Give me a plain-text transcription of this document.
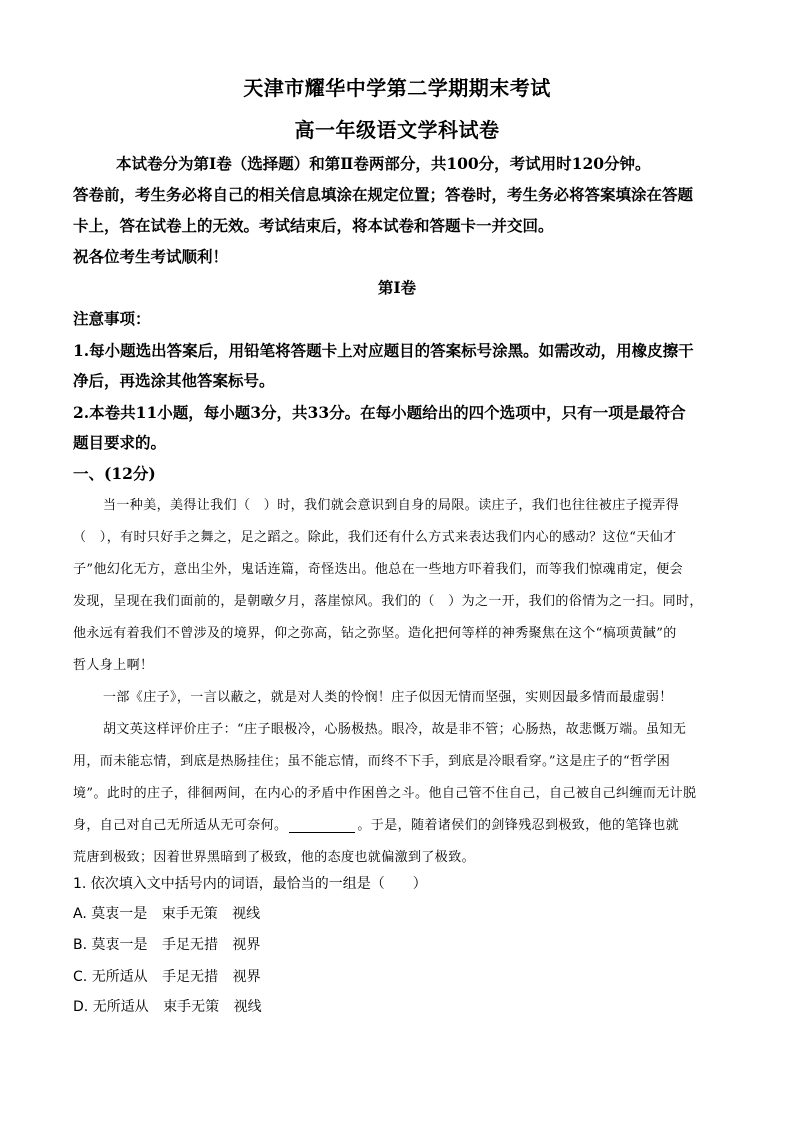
天津市耀华中学第二学期期末考试
高一年级语文学科试卷
本试卷分为第Ⅰ卷（选择题）和第Ⅱ卷两部分，共100分，考试用时120分钟。
答卷前，考生务必将自己的相关信息填涂在规定位置；答卷时，考生务必将答案填涂在答题
卡上，答在试卷上的无效。考试结束后，将本试卷和答题卡一并交回。
祝各位考生考试顺利！
第Ⅰ卷
注意事项：
1.每小题选出答案后，用铅笔将答题卡上对应题目的答案标号涂黑。如需改动，用橡皮擦干
净后，再选涂其他答案标号。
2.本卷共11小题，每小题3分，共33分。在每小题给出的四个选项中，只有一项是最符合
题目要求的。
一、(12分)
当一种美，美得让我们（　）时，我们就会意识到自身的局限。读庄子，我们也往往被庄子搅弄得
（　），有时只好手之舞之，足之蹈之。除此，我们还有什么方式来表达我们内心的感动？这位“天仙才
子”他幻化无方，意出尘外，鬼话连篇，奇怪迭出。他总在一些地方吓着我们，而等我们惊魂甫定，便会
发现，呈现在我们面前的，是朝暾夕月，落崖惊风。我们的（　）为之一开，我们的俗情为之一扫。同时，
他永远有着我们不曾涉及的境界，仰之弥高，钻之弥坚。造化把何等样的神秀聚焦在这个“槁项黄馘”的
哲人身上啊！
一部《庄子》，一言以蔽之，就是对人类的怜悯！庄子似因无情而坚强，实则因最多情而最虚弱！
胡文英这样评价庄子：“庄子眼极冷，心肠极热。眼冷，故是非不管；心肠热，故悲慨万端。虽知无
用，而未能忘情，到底是热肠挂住；虽不能忘情，而终不下手，到底是冷眼看穿。”这是庄子的“哲学困
境”。此时的庄子，徘徊两间，在内心的矛盾中作困兽之斗。他自己管不住自己，自己被自己纠缠而无计脱
身，自己对自己无所适从无可奈何。	。于是，随着诸侯们的剑锋残忍到极致，他的笔锋也就
荒唐到极致；因着世界黑暗到了极致，他的态度也就偏激到了极致。
1. 依次填入文中括号内的词语，最恰当的一组是（　　）
A. 莫衷一是 束手无策 视线
B. 莫衷一是 手足无措 视界
C. 无所适从 手足无措 视界
D. 无所适从 束手无策 视线
